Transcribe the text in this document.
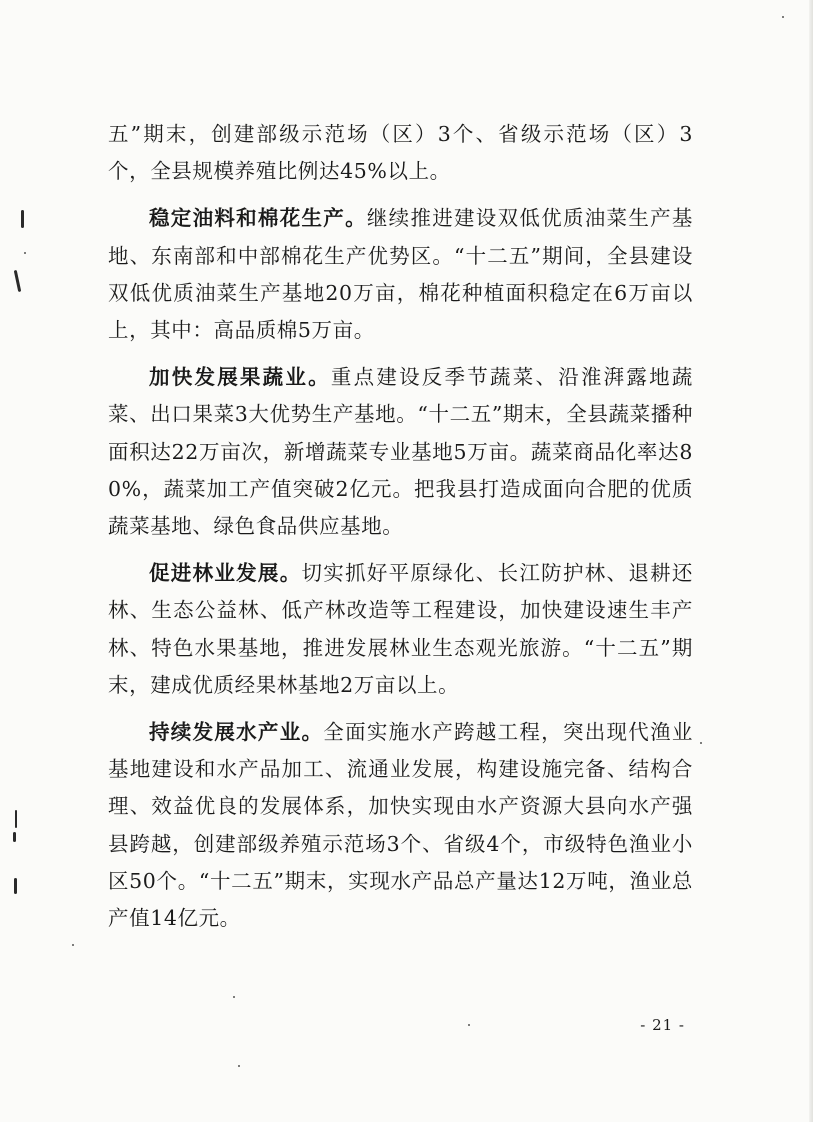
五”期末，创建部级示范场（区）3个、省级示范场（区）3个，全县规模养殖比例达45%以上。

稳定油料和棉花生产。继续推进建设双低优质油菜生产基地、东南部和中部棉花生产优势区。“十二五”期间，全县建设双低优质油菜生产基地20万亩，棉花种植面积稳定在6万亩以上，其中：高品质棉5万亩。

加快发展果蔬业。重点建设反季节蔬菜、沿淮湃露地蔬菜、出口果菜3大优势生产基地。“十二五”期末，全县蔬菜播种面积达22万亩次，新增蔬菜专业基地5万亩。蔬菜商品化率达80%，蔬菜加工产值突破2亿元。把我县打造成面向合肥的优质蔬菜基地、绿色食品供应基地。

促进林业发展。切实抓好平原绿化、长江防护林、退耕还林、生态公益林、低产林改造等工程建设，加快建设速生丰产林、特色水果基地，推进发展林业生态观光旅游。“十二五”期末，建成优质经果林基地2万亩以上。

持续发展水产业。全面实施水产跨越工程，突出现代渔业基地建设和水产品加工、流通业发展，构建设施完备、结构合理、效益优良的发展体系，加快实现由水产资源大县向水产强县跨越，创建部级养殖示范场3个、省级4个，市级特色渔业小区50个。“十二五”期末，实现水产品总产量达12万吨，渔业总产值14亿元。

- 21 -
